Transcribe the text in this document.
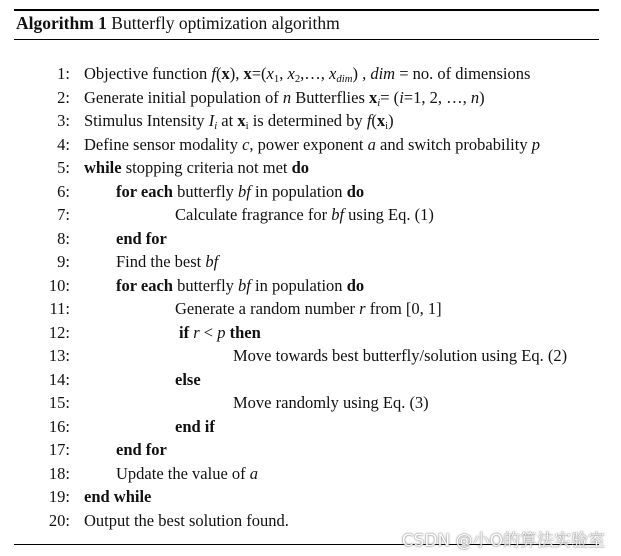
Algorithm 1 Butterfly optimization algorithm
1: Objective function f(x), $x=(x_1$, $x_2,\dots$, $x_{dim}$) , dim = no. of dimensions
2: Generate initial population of n Butterflies $x_i= (i=1$, 2, …, n)
3: Stimulus Intensity $I_i$ at $x_i$ is determined by $f(x_i)$
4: Define sensor modality c, power exponent a and switch probability p
5: while stopping criteria not met do
6:	for each butterfly bf in population do
7:	Calculate fragrance for bf using Eq. (1)
8:	end for
9:	Find the best bf
10:	for each butterfly bf in population do
11:	Generate a random number r from [0, 1]
12:	if r < p then
13:	Move towards best butterfly/solution using Eq. (2)
14:	else
15:	Move randomly using Eq. (3)
16:	end if
17:	end for
18:	Update the value of a
19: end while
20: Output the best solution found.
CSDN @小O的算法实验室
